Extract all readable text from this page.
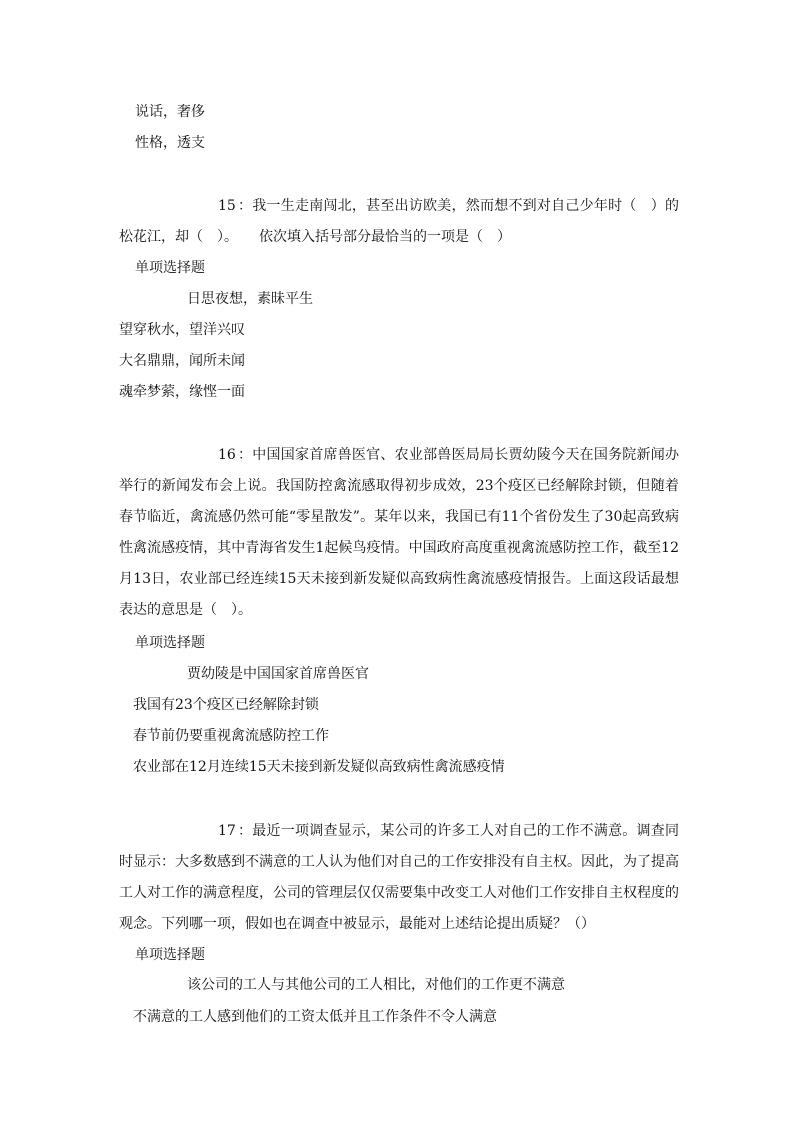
说话，奢侈
性格，透支
15 ：我一生走南闯北，甚至出访欧美，然而想不到对自己少年时（　）的松花江，却（　）。　　依次填入括号部分最恰当的一项是（　）
单项选择题
日思夜想，素昧平生
望穿秋水，望洋兴叹
大名鼎鼎，闻所未闻
魂牵梦萦，缘悭一面
16 ：中国国家首席兽医官、农业部兽医局局长贾幼陵今天在国务院新闻办举行的新闻发布会上说。我国防控禽流感取得初步成效，23个疫区已经解除封锁，但随着春节临近，禽流感仍然可能“零星散发”。某年以来，我国已有11个省份发生了30起高致病性禽流感疫情，其中青海省发生1起候鸟疫情。中国政府高度重视禽流感防控工作，截至12月13日，农业部已经连续15天未接到新发疑似高致病性禽流感疫情报告。上面这段话最想表达的意思是（　）。
单项选择题
贾幼陵是中国国家首席兽医官
我国有23个疫区已经解除封锁
春节前仍要重视禽流感防控工作
农业部在12月连续15天未接到新发疑似高致病性禽流感疫情
17 ：最近一项调查显示，某公司的许多工人对自己的工作不满意。调查同时显示：大多数感到不满意的工人认为他们对自己的工作安排没有自主权。因此，为了提高工人对工作的满意程度，公司的管理层仅仅需要集中改变工人对他们工作安排自主权程度的观念。下列哪一项，假如也在调查中被显示，最能对上述结论提出质疑？（）
单项选择题
该公司的工人与其他公司的工人相比，对他们的工作更不满意
不满意的工人感到他们的工资太低并且工作条件不令人满意
